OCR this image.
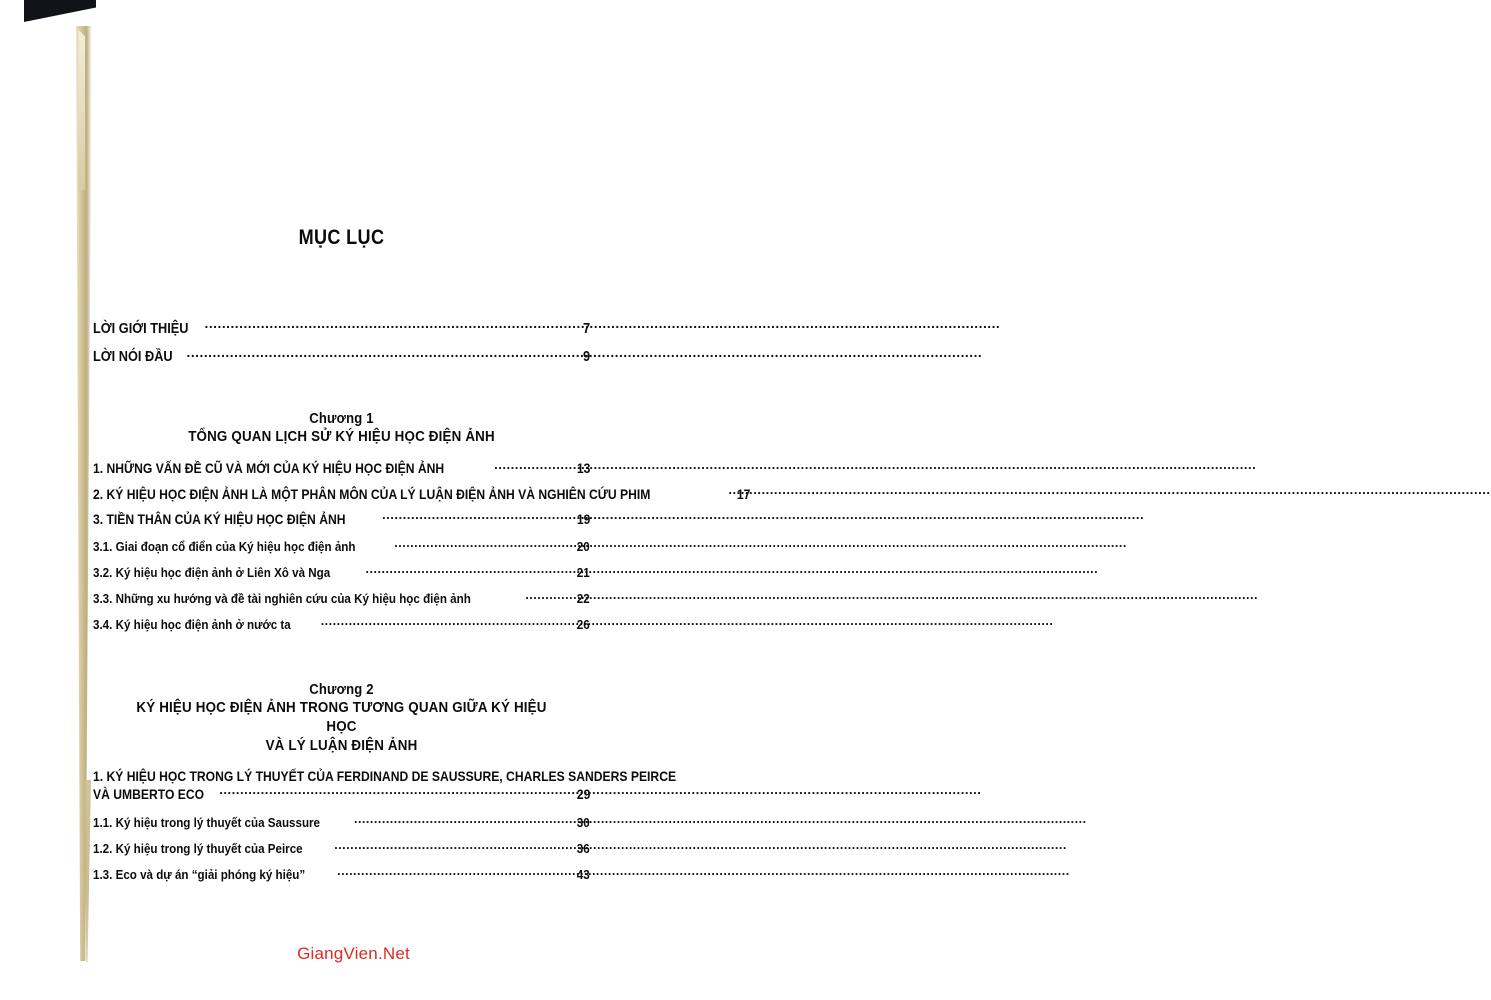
MỤC LỤC
LỜI GIỚI THIỆU .....	7
LỜI NÓI ĐẦU .....	9
Chương 1
TỔNG QUAN LỊCH SỬ KÝ HIỆU HỌC ĐIỆN ẢNH
1. NHỮNG VẤN ĐỀ CŨ VÀ MỚI CỦA KÝ HIỆU HỌC ĐIỆN ẢNH .....	13
2. KÝ HIỆU HỌC ĐIỆN ẢNH LÀ MỘT PHÂN MÔN CỦA LÝ LUẬN ĐIỆN ẢNH VÀ NGHIÊN CỨU PHIM .....	17
3. TIỀN THÂN CỦA KÝ HIỆU HỌC ĐIỆN ẢNH .....	19
3.1. Giai đoạn cổ điển của Ký hiệu học điện ảnh .....	20
3.2. Ký hiệu học điện ảnh ở Liên Xô và Nga .....	21
3.3. Những xu hướng và đề tài nghiên cứu của Ký hiệu học điện ảnh .....	22
3.4. Ký hiệu học điện ảnh ở nước ta .....	26
Chương 2
KÝ HIỆU HỌC ĐIỆN ẢNH TRONG TƯƠNG QUAN GIỮA KÝ HIỆU HỌC
VÀ LÝ LUẬN ĐIỆN ẢNH
1. KÝ HIỆU HỌC TRONG LÝ THUYẾT CỦA FERDINAND DE SAUSSURE, CHARLES SANDERS PEIRCE
VÀ UMBERTO ECO .....	29
1.1. Ký hiệu trong lý thuyết của Saussure .....	30
1.2. Ký hiệu trong lý thuyết của Peirce .....	36
1.3. Eco và dự án “giải phóng ký hiệu” .....	43
GiangVien.Net
